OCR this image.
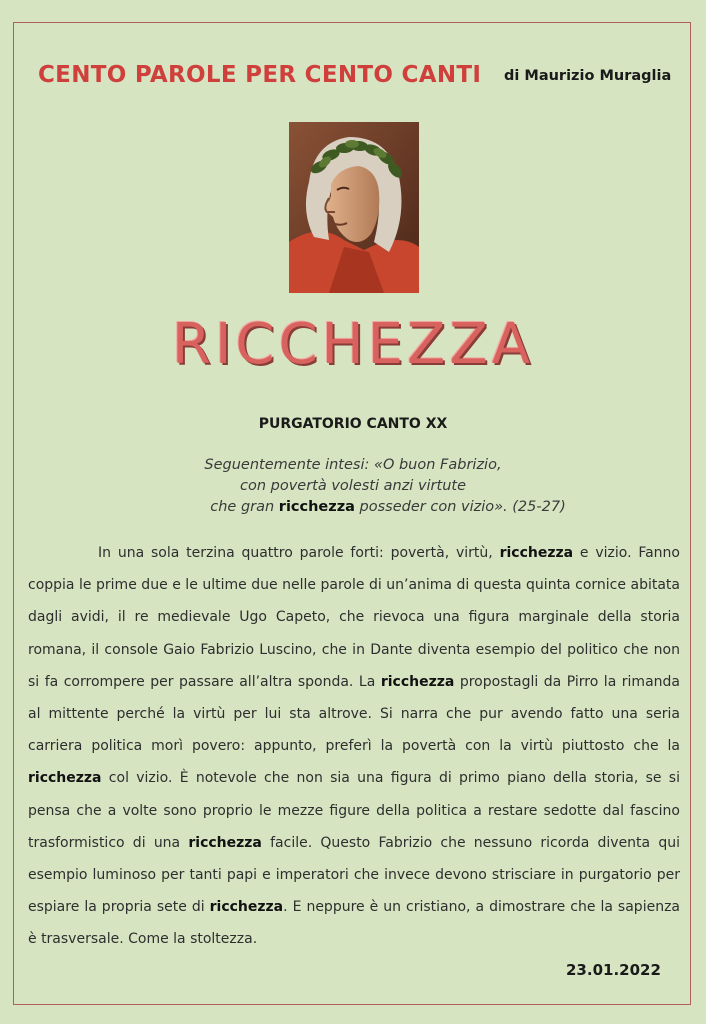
CENTO PAROLE PER CENTO CANTI di Maurizio Muraglia
RICCHEZZA
PURGATORIO CANTO XX
Seguentemente intesi: «O buon Fabrizio,
con povertà volesti anzi virtute
che gran ricchezza posseder con vizio». (25-27)

In una sola terzina quattro parole forti: povertà, virtù, ricchezza e vizio. Fanno coppia le prime due e le ultime due nelle parole di un’anima di questa quinta cornice abitata dagli avidi, il re medievale Ugo Capeto, che rievoca una figura marginale della storia romana, il console Gaio Fabrizio Luscino, che in Dante diventa esempio del politico che non si fa corrompere per passare all’altra sponda. La ricchezza propostagli da Pirro la rimanda al mittente perché la virtù per lui sta altrove. Si narra che pur avendo fatto una seria carriera politica morì povero: appunto, preferì la povertà con la virtù piuttosto che la ricchezza col vizio. È notevole che non sia una figura di primo piano della storia, se si pensa che a volte sono proprio le mezze figure della politica a restare sedotte dal fascino trasformistico di una ricchezza facile. Questo Fabrizio che nessuno ricorda diventa qui esempio luminoso per tanti papi e imperatori che invece devono strisciare in purgatorio per espiare la propria sete di ricchezza. E neppure è un cristiano, a dimostrare che la sapienza è trasversale. Come la stoltezza.

23.01.2022
